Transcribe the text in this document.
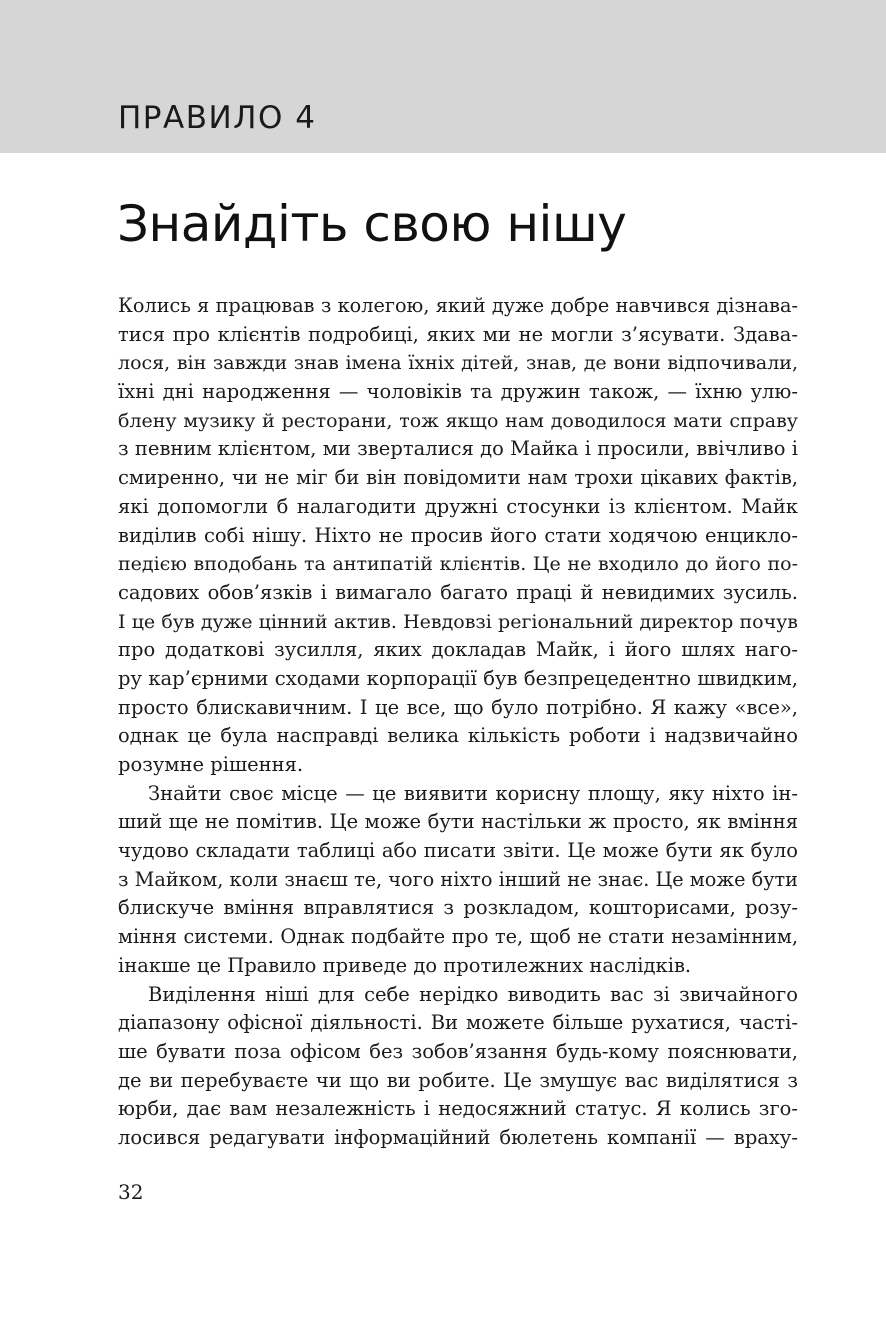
ПРАВИЛО 4
Знайдіть свою нішу
Колись я працював з колегою, який дуже добре навчився дізнава-
тися про клієнтів подробиці, яких ми не могли з’ясувати. Здава-
лося, він завжди знав імена їхніх дітей, знав, де вони відпочивали,
їхні дні народження — чоловіків та дружин також, — їхню улю-
блену музику й ресторани, тож якщо нам доводилося мати справу
з певним клієнтом, ми зверталися до Майка і просили, ввічливо і
смиренно, чи не міг би він повідомити нам трохи цікавих фактів,
які допомогли б налагодити дружні стосунки із клієнтом. Майк
виділив собі нішу. Ніхто не просив його стати ходячою енциклo-
педією вподобань та антипатій клієнтів. Це не входило до його по-
садових обов’язків і вимагало багато праці й невидимих зусиль.
І це був дуже цінний актив. Невдовзі регіональний директор почув
про додаткові зусилля, яких докладав Майк, і його шлях наго-
ру кар’єрними сходами корпорації був безпрецедентно швидким,
просто блискавичним. І це все, що було потрібно. Я кажу «все»,
однак це була насправді велика кількість роботи і надзвичайно
розумне рішення.
Знайти своє місце — це виявити корисну площу, яку ніхто ін-
ший ще не помітив. Це може бути настільки ж просто, як вміння
чудово складати таблиці або писати звіти. Це може бути як було
з Майком, коли знаєш те, чого ніхто інший не знає. Це може бути
блискуче вміння вправлятися з розкладом, кошторисами, розу-
міння системи. Однак подбайте про те, щоб не стати незамінним,
інакше це Правило приведе до протилежних наслідків.
Виділення ніші для себе нерідко виводить вас зі звичайного
діапазону офісної діяльності. Ви можете більше рухатися, часті-
ше бувати поза офісом без зобов’язання будь-кому пояснювати,
де ви перебуваєте чи що ви робите. Це змушує вас виділятися з
юрби, дає вам незалежність і недосяжний статус. Я колись зго-
лосився редагувати інформаційний бюлетень компанії — враху-
32
